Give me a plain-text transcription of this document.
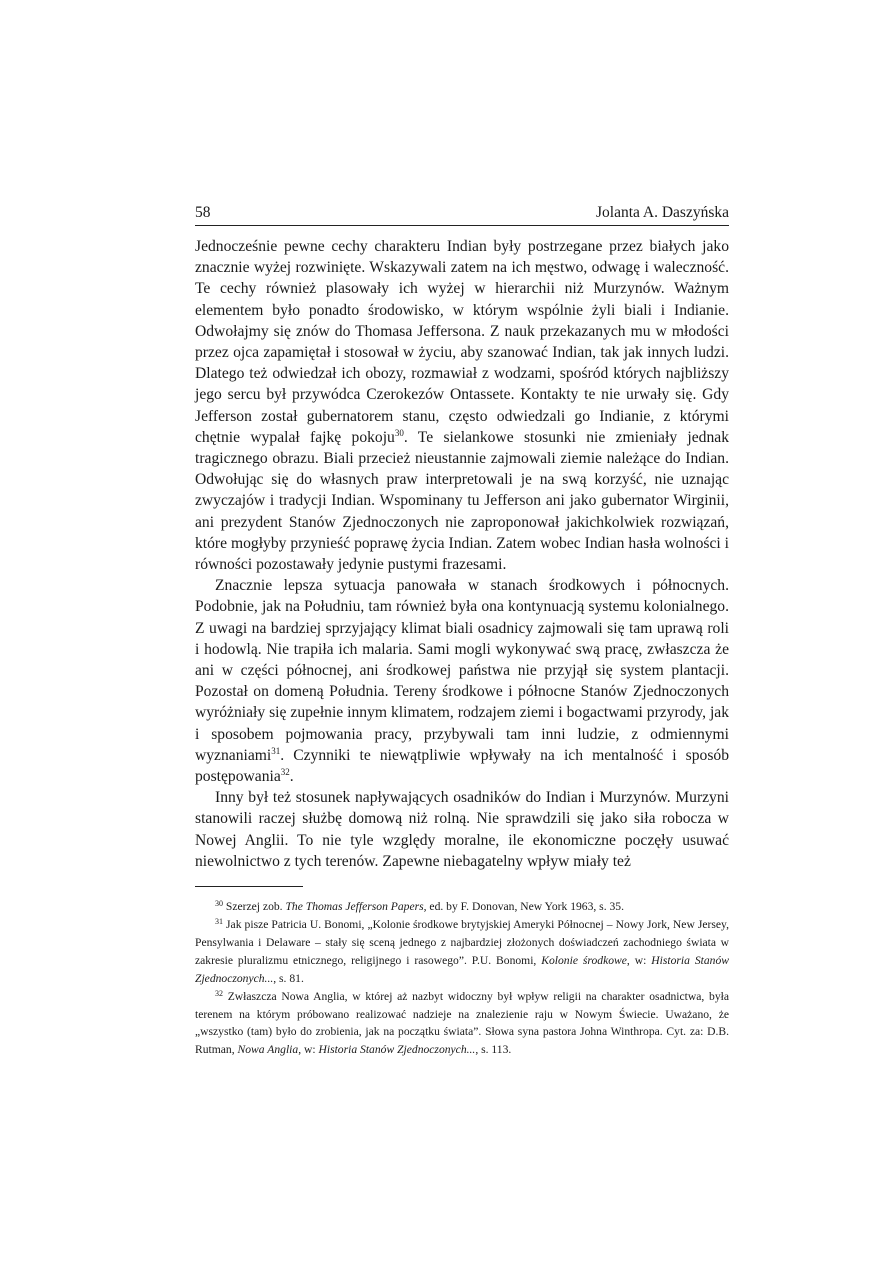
58	Jolanta A. Daszyńska

Jednocześnie pewne cechy charakteru Indian były postrzegane przez białych jako znacznie wyżej rozwinięte. Wskazywali zatem na ich męstwo, odwagę i waleczność. Te cechy również plasowały ich wyżej w hierarchii niż Murzynów. Ważnym elementem było ponadto środowisko, w którym wspólnie żyli biali i Indianie. Odwołajmy się znów do Thomasa Jeffersona. Z nauk przekazanych mu w młodości przez ojca zapamiętał i stosował w życiu, aby szanować Indian, tak jak innych ludzi. Dlatego też odwiedzał ich obozy, rozmawiał z wodzami, spośród których najbliższy jego sercu był przywódca Czerokezów Ontassete. Kontakty te nie urwały się. Gdy Jefferson został gubernatorem stanu, często odwiedzali go Indianie, z którymi chętnie wypalał fajkę pokoju$^{30}$. Te sielankowe stosunki nie zmieniały jednak tragicznego obrazu. Biali przecież nieustannie zajmowali ziemie należące do Indian. Odwołując się do własnych praw interpretowali je na swą korzyść, nie uznając zwyczajów i tradycji Indian. Wspominany tu Jefferson ani jako gubernator Wirginii, ani prezydent Stanów Zjednoczonych nie zaproponował jakichkolwiek rozwiązań, które mogłyby przynieść poprawę życia Indian. Zatem wobec Indian hasła wolności i równości pozostawały jedynie pustymi frazesami.

Znacznie lepsza sytuacja panowała w stanach środkowych i północnych. Podobnie, jak na Południu, tam również była ona kontynuacją systemu kolonialnego. Z uwagi na bardziej sprzyjający klimat biali osadnicy zajmowali się tam uprawą roli i hodowlą. Nie trapiła ich malaria. Sami mogli wykonywać swą pracę, zwłaszcza że ani w części północnej, ani środkowej państwa nie przyjął się system plantacji. Pozostał on domeną Południa. Tereny środkowe i północne Stanów Zjednoczonych wyróżniały się zupełnie innym klimatem, rodzajem ziemi i bogactwami przyrody, jak i sposobem pojmowania pracy, przybywali tam inni ludzie, z odmiennymi wyznaniami$^{31}$. Czynniki te niewątpliwie wpływały na ich mentalność i sposób postępowania$^{32}$.

Inny był też stosunek napływających osadników do Indian i Murzynów. Murzyni stanowili raczej służbę domową niż rolną. Nie sprawdzili się jako siła robocza w Nowej Anglii. To nie tyle względy moralne, ile ekonomiczne poczęły usuwać niewolnictwo z tych terenów. Zapewne niebagatelny wpływ miały też

$^{30}$ Szerzej zob. The Thomas Jefferson Papers, ed. by F. Donovan, New York 1963, s. 35.

$^{31}$ Jak pisze Patricia U. Bonomi, „Kolonie środkowe brytyjskiej Ameryki Północnej – Nowy Jork, New Jersey, Pensylwania i Delaware – stały się sceną jednego z najbardziej złożonych doświadczeń zachodniego świata w zakresie pluralizmu etnicznego, religijnego i rasowego”. P.U. Bonomi, Kolonie środkowe, w: Historia Stanów Zjednoczonych..., s. 81.

$^{32}$ Zwłaszcza Nowa Anglia, w której aż nazbyt widoczny był wpływ religii na charakter osadnictwa, była terenem na którym próbowano realizować nadzieje na znalezienie raju w Nowym Świecie. Uważano, że „wszystko (tam) było do zrobienia, jak na początku świata”. Słowa syna pastora Johna Winthropa. Cyt. za: D.B. Rutman, Nowa Anglia, w: Historia Stanów Zjednoczonych..., s. 113.
